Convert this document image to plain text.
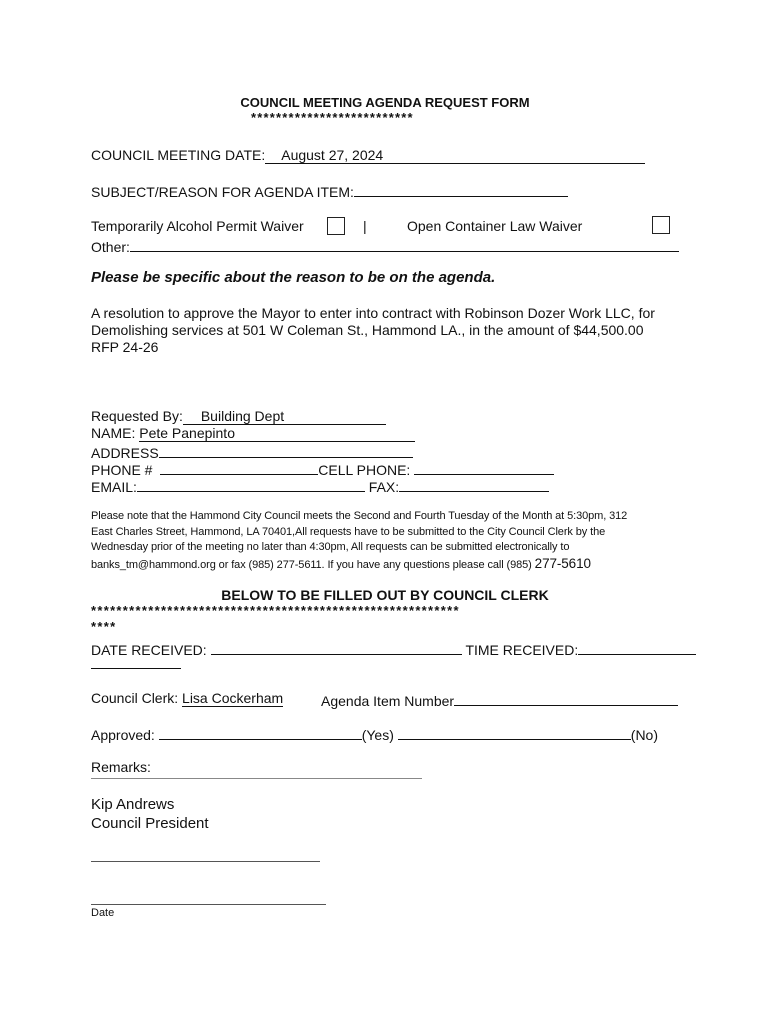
COUNCIL MEETING AGENDA REQUEST FORM
**************************
COUNCIL MEETING DATE: August 27, 2024
SUBJECT/REASON FOR AGENDA ITEM:
Temporarily Alcohol Permit Waiver	|	Open Container Law Waiver
Other:
Please be specific about the reason to be on the agenda.
A resolution to approve the Mayor to enter into contract with Robinson Dozer Work LLC, for
Demolishing services at 501 W Coleman St., Hammond LA., in the amount of $44,500.00
RFP 24-26
Requested By: Building Dept
NAME: Pete Panepinto
ADDRESS
PHONE #	CELL PHONE:
EMAIL:	FAX:
Please note that the Hammond City Council meets the Second and Fourth Tuesday of the Month at 5:30pm, 312
East Charles Street, Hammond, LA 70401,All requests have to be submitted to the City Council Clerk by the
Wednesday prior of the meeting no later than 4:30pm, All requests can be submitted electronically to
banks_tm@hammond.org or fax (985) 277-5611. If you have any questions please call (985) 277-5610
BELOW TO BE FILLED OUT BY COUNCIL CLERK
**********************************************************
****
DATE RECEIVED:	TIME RECEIVED:
Council Clerk: Lisa Cockerham	Agenda Item Number
Approved:	(Yes)	(No)
Remarks:
Kip Andrews
Council President
Date
